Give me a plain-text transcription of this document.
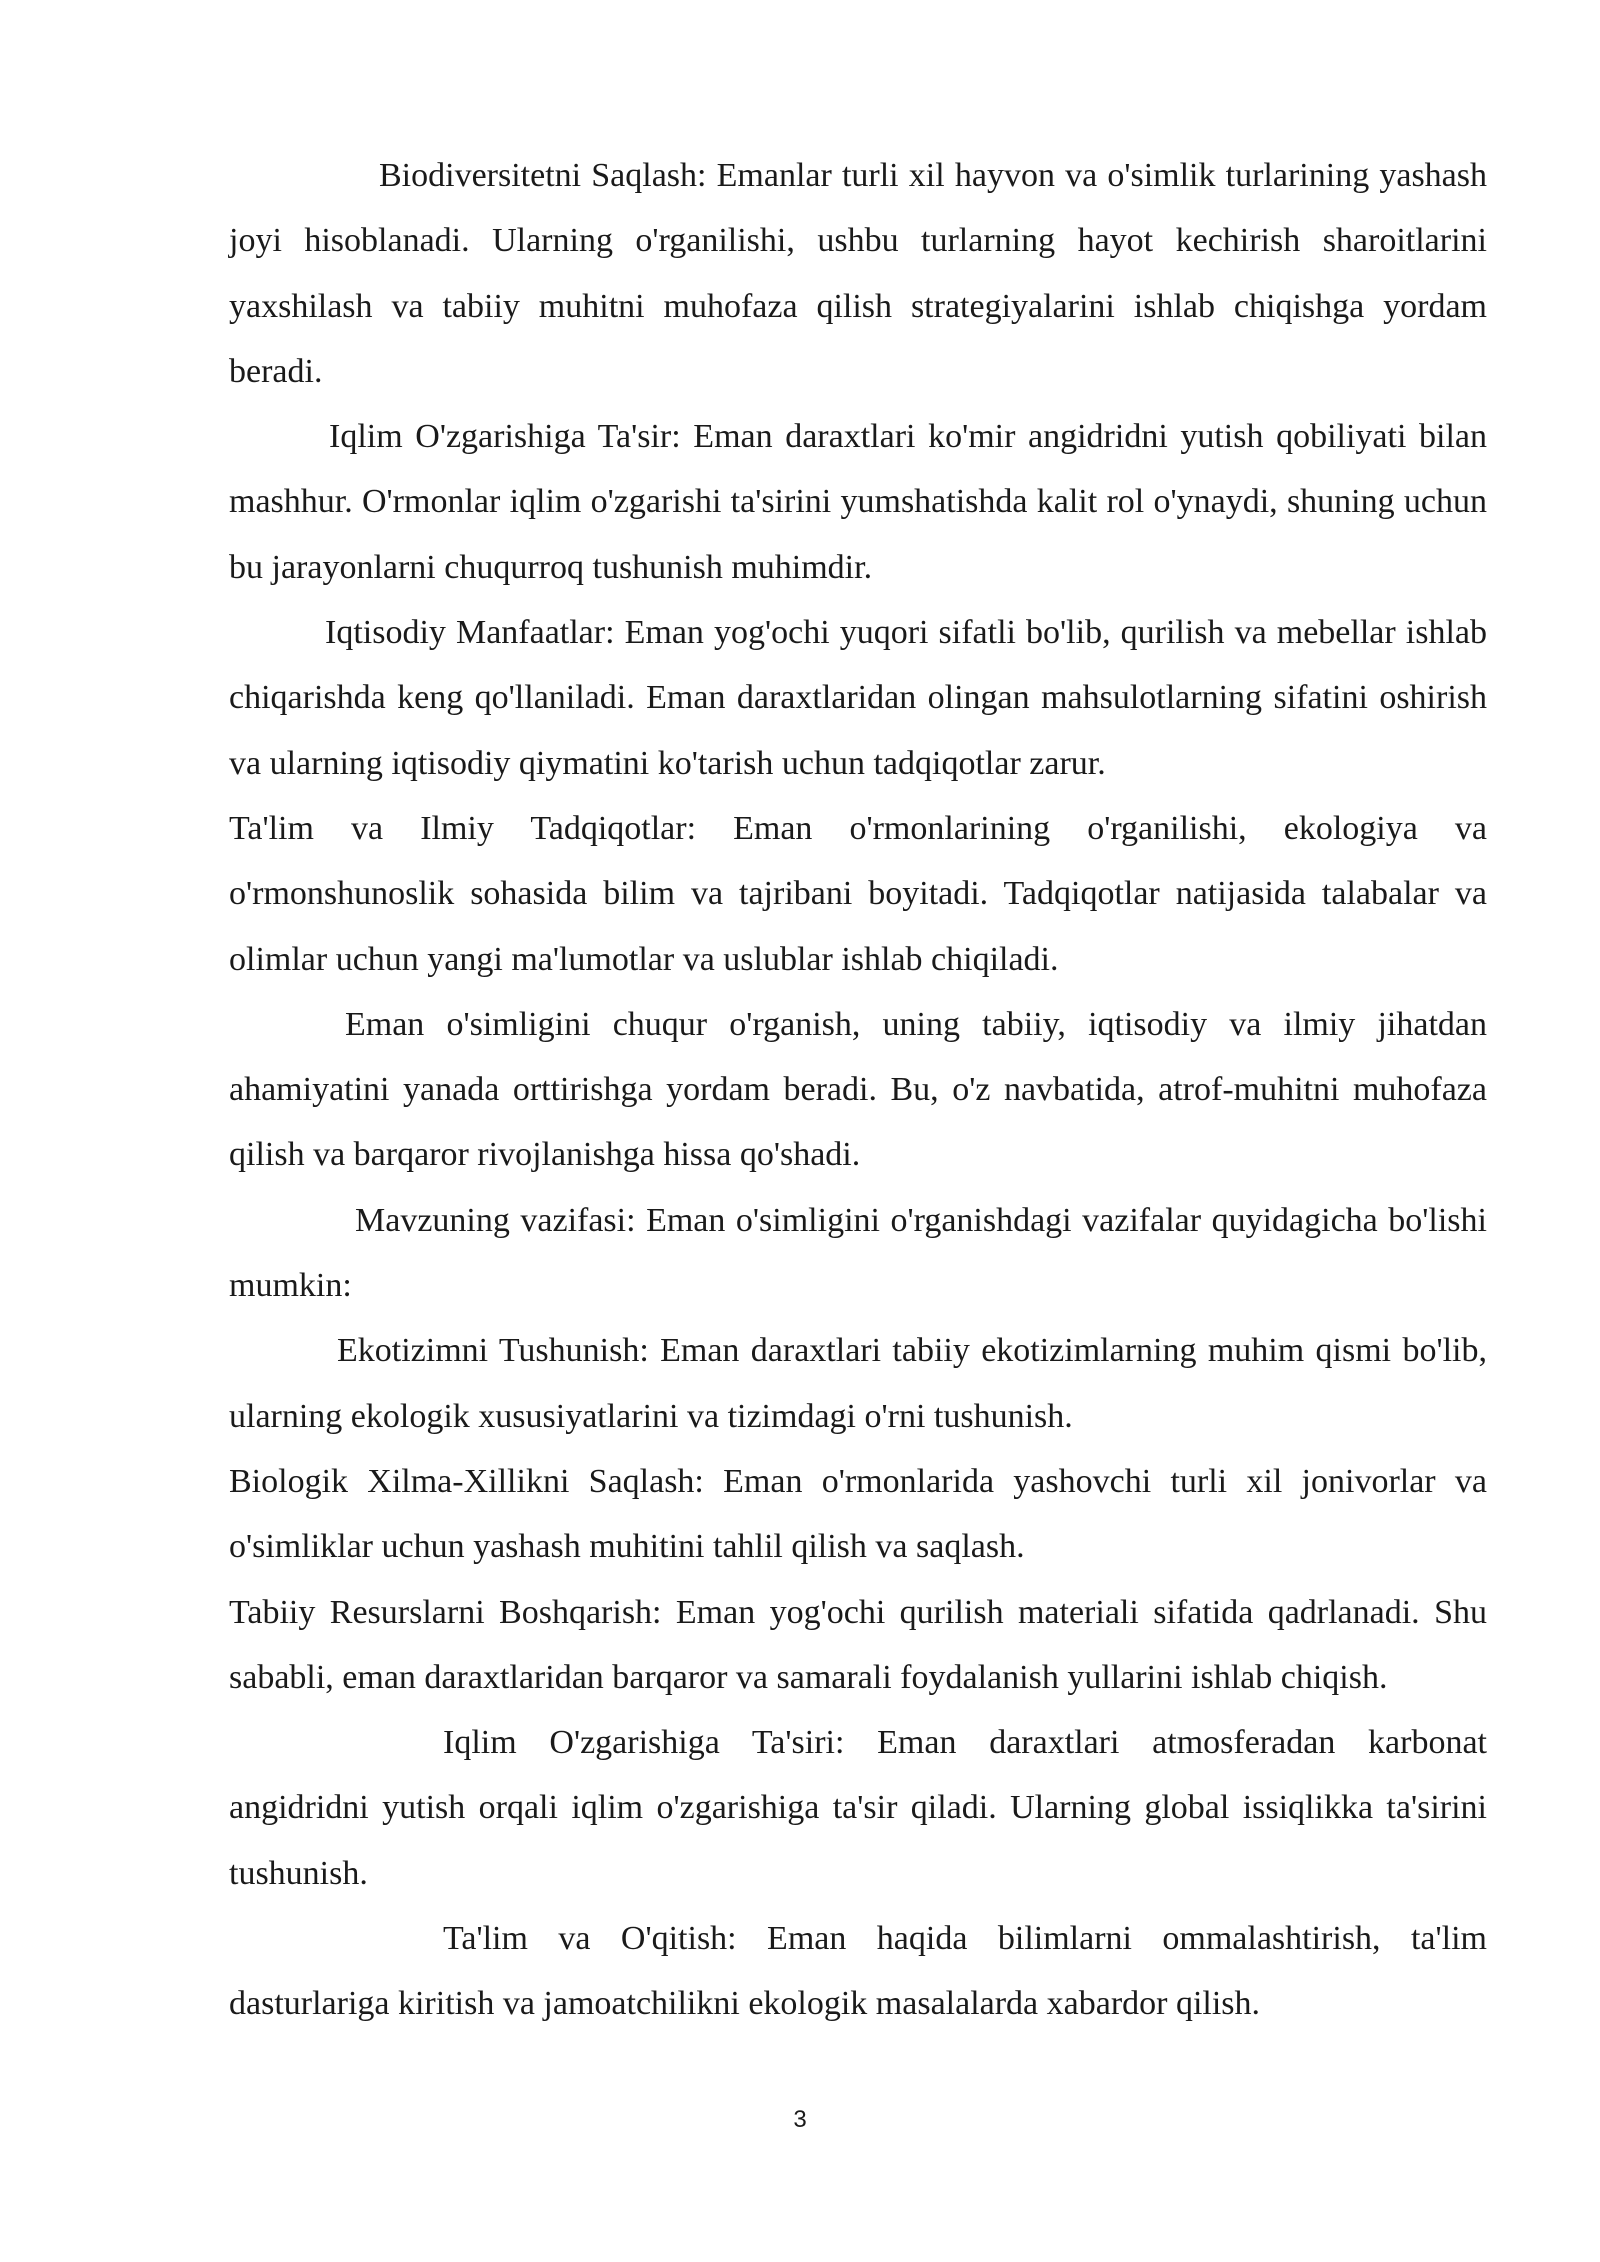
Biodiversitetni Saqlash: Emanlar turli xil hayvon va o'simlik turlarining yashash joyi hisoblanadi. Ularning o'rganilishi, ushbu turlarning hayot kechirish sharoitlarini yaxshilash va tabiiy muhitni muhofaza qilish strategiyalarini ishlab chiqishga yordam beradi.

Iqlim O'zgarishiga Ta'sir: Eman daraxtlari ko'mir angidridni yutish qobiliyati bilan mashhur. O'rmonlar iqlim o'zgarishi ta'sirini yumshatishda kalit rol o'ynaydi, shuning uchun bu jarayonlarni chuqurroq tushunish muhimdir.

Iqtisodiy Manfaatlar: Eman yog'ochi yuqori sifatli bo'lib, qurilish va mebellar ishlab chiqarishda keng qo'llaniladi. Eman daraxtlaridan olingan mahsulotlarning sifatini oshirish va ularning iqtisodiy qiymatini ko'tarish uchun tadqiqotlar zarur.

Ta'lim va Ilmiy Tadqiqotlar: Eman o'rmonlarining o'rganilishi, ekologiya va o'rmonshunoslik sohasida bilim va tajribani boyitadi. Tadqiqotlar natijasida talabalar va olimlar uchun yangi ma'lumotlar va uslublar ishlab chiqiladi.

Eman o'simligini chuqur o'rganish, uning tabiiy, iqtisodiy va ilmiy jihatdan ahamiyatini yanada orttirishga yordam beradi. Bu, o'z navbatida, atrof-muhitni muhofaza qilish va barqaror rivojlanishga hissa qo'shadi.

Mavzuning vazifasi: Eman o'simligini o'rganishdagi vazifalar quyidagicha bo'lishi mumkin:

Ekotizimni Tushunish: Eman daraxtlari tabiiy ekotizimlarning muhim qismi bo'lib, ularning ekologik xususiyatlarini va tizimdagi o'rni tushunish.

Biologik Xilma-Xillikni Saqlash: Eman o'rmonlarida yashovchi turli xil jonivorlar va o'simliklar uchun yashash muhitini tahlil qilish va saqlash.

Tabiiy Resurslarni Boshqarish: Eman yog'ochi qurilish materiali sifatida qadrlanadi. Shu sababli, eman daraxtlaridan barqaror va samarali foydalanish yullarini ishlab chiqish.

Iqlim O'zgarishiga Ta'siri: Eman daraxtlari atmosferadan karbonat angidridni yutish orqali iqlim o'zgarishiga ta'sir qiladi. Ularning global issiqlikka ta'sirini tushunish.

Ta'lim va O'qitish: Eman haqida bilimlarni ommalashtirish, ta'lim dasturlariga kiritish va jamoatchilikni ekologik masalalarda xabardor qilish.

3
